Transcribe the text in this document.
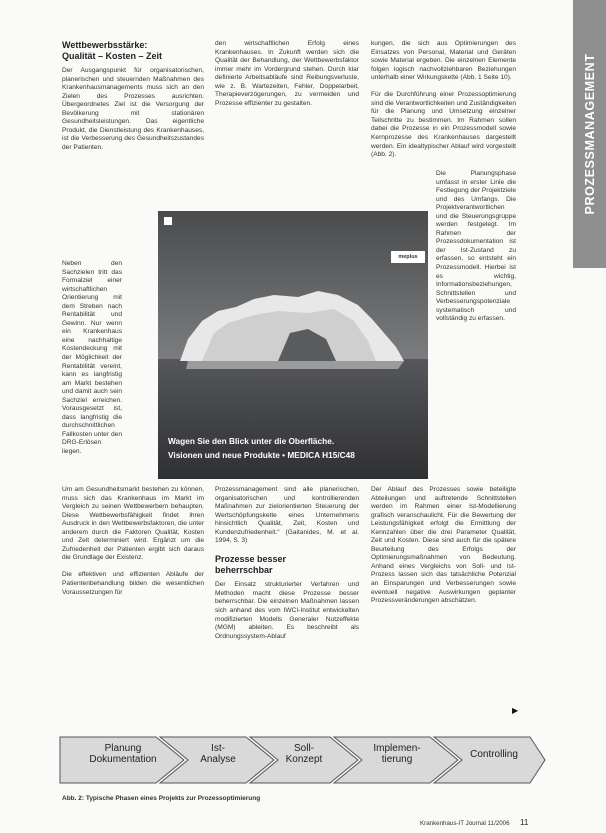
PROZESSMANAGEMENT
Wettbewerbsstärke:
Qualität – Kosten – Zeit

Der Ausgangspunkt für organisatorischen, planerischen und steuernden Maßnahmen des Krankenhausmanagements muss sich an den Zielen des Prozesses ausrichten. Übergeordnetes Ziel ist die Versorgung der Bevölkerung mit stationären Gesundheitsleistungen. Das eigentliche Produkt, die Dienstleistung des Krankenhauses, ist die Verbesserung des Gesundheitszustandes der Patienten.

Neben den Sachzielen tritt das Formalziel einer wirtschaftlichen Orientierung mit dem Streben nach Rentabilität und Gewinn. Nur wenn ein Krankenhaus eine nachhaltige Kostendeckung mit der Möglichkeit der Rentabilität vereint, kann es langfristig am Markt bestehen und damit auch sein Sachziel erreichen. Vorausgesetzt ist, dass langfristig die durchschnittlichen Fallkosten unter den DRG-Erlösen liegen.

Um am Gesundheitsmarkt bestehen zu können, muss sich das Krankenhaus im Markt im Vergleich zu seinen Wettbewerbern behaupten. Diese Wettbewerbsfähigkeit findet ihren Ausdruck in den Wettbewerbsfaktoren, die unter anderem durch die Faktoren Qualität, Kosten und Zeit determiniert wird. Ergänzt um die Zufriedenheit der Patienten ergibt sich daraus die Grundlage der Existenz.

Die effektiven und effizienten Abläufe der Patientenbehandlung bilden die wesentlichen Voraussetzungen für

den wirtschaftlichen Erfolg eines Krankenhauses. In Zukunft werden sich die Qualität der Behandlung, der Wettbewerbsfaktor immer mehr im Vordergrund stehen. Durch klar definierte Arbeitsabläufe sind Reibungsverluste, wie z. B. Wartezeiten, Fehler, Doppelarbeit, Therapieverzögerungen, zu vermeiden und Prozesse effizienter zu gestalten.

Prozessmanagement sind alle planerischen, organisatorischen und kontrollierenden Maßnahmen zur zielorientierten Steuerung der Wertschöpfungskette eines Unternehmens hinsichtlich Qualität, Zeit, Kosten und Kundenzufriedenheit.“ (Gaitanides, M. et al. 1994, S. 3)

Prozesse besser
beherrschbar

Der Einsatz strukturierter Verfahren und Methoden macht diese Prozesse besser beherrschbar. Die einzelnen Maßnahmen lassen sich anhand des vom IWCI-Institut entwickelten modifizierten Modells Generaler Nutzeffekte (MGM) ableiten. Es beschreibt als Ordnungssystem-Ablauf

kungen, die sich aus Optimierungen des Einsatzes von Personal, Material und Geräten sowie Material ergeben. Die einzelnen Elemente folgen logisch nachvollziehbaren Beziehungen unterhalb einer Wirkungskette (Abb. 1 Seite 10).

Für die Durchführung einer Prozessoptimierung sind die Verantwortlichkeiten und Zuständigkeiten für die Planung und Umsetzung einzelner Teilschritte zu bestimmen. Im Rahmen sollen dabei die Prozesse in ein Prozessmodell sowie Kernprozesse des Krankenhauses dargestellt werden. Ein idealtypischer Ablauf wird vorgestellt (Abb. 2).

Die Planungsphase umfasst in erster Linie die Festlegung der Projektziele und des Umfangs. Die Projektverantwortlichen und die Steuerungsgruppe werden festgelegt. Im Rahmen der Prozessdokumentation ist der Ist-Zustand zu erfassen, so entsteht ein Prozessmodell. Hierbei ist es wichtig, Informationsbeziehungen, Schnittstellen und Verbesserungspotenziale systematisch und vollständig zu erfassen.

Der Ablauf des Prozesses sowie beteiligte Abteilungen und auftretende Schnittstellen werden im Rahmen einer Ist-Modellierung grafisch veranschaulicht. Für die Bewertung der Leistungsfähigkeit erfolgt die Ermittlung der Kennzahlen über die drei Parameter Qualität, Zeit und Kosten. Diese sind auch für die spätere Beurteilung des Erfolgs der Optimierungsmaßnahmen von Bedeutung. Anhand eines Vergleichs von Soll- und Ist-Prozess lassen sich das tatsächliche Potenzial an Einsparungen und Verbesserungen sowie eventuell negative Auswirkungen geplanter Prozessveränderungen abschätzen.

▶
meplus
Wagen Sie den Blick unter die Oberfläche.
Visionen und neue Produkte • MEDICA H15/C48
Planung
Dokumentation
Ist-
Analyse
Soll-
Konzept
Implemen-
tierung	Controlling
Abb. 2: Typische Phasen eines Projekts zur Prozessoptimierung
Krankenhaus-IT Journal 11/2006 11
